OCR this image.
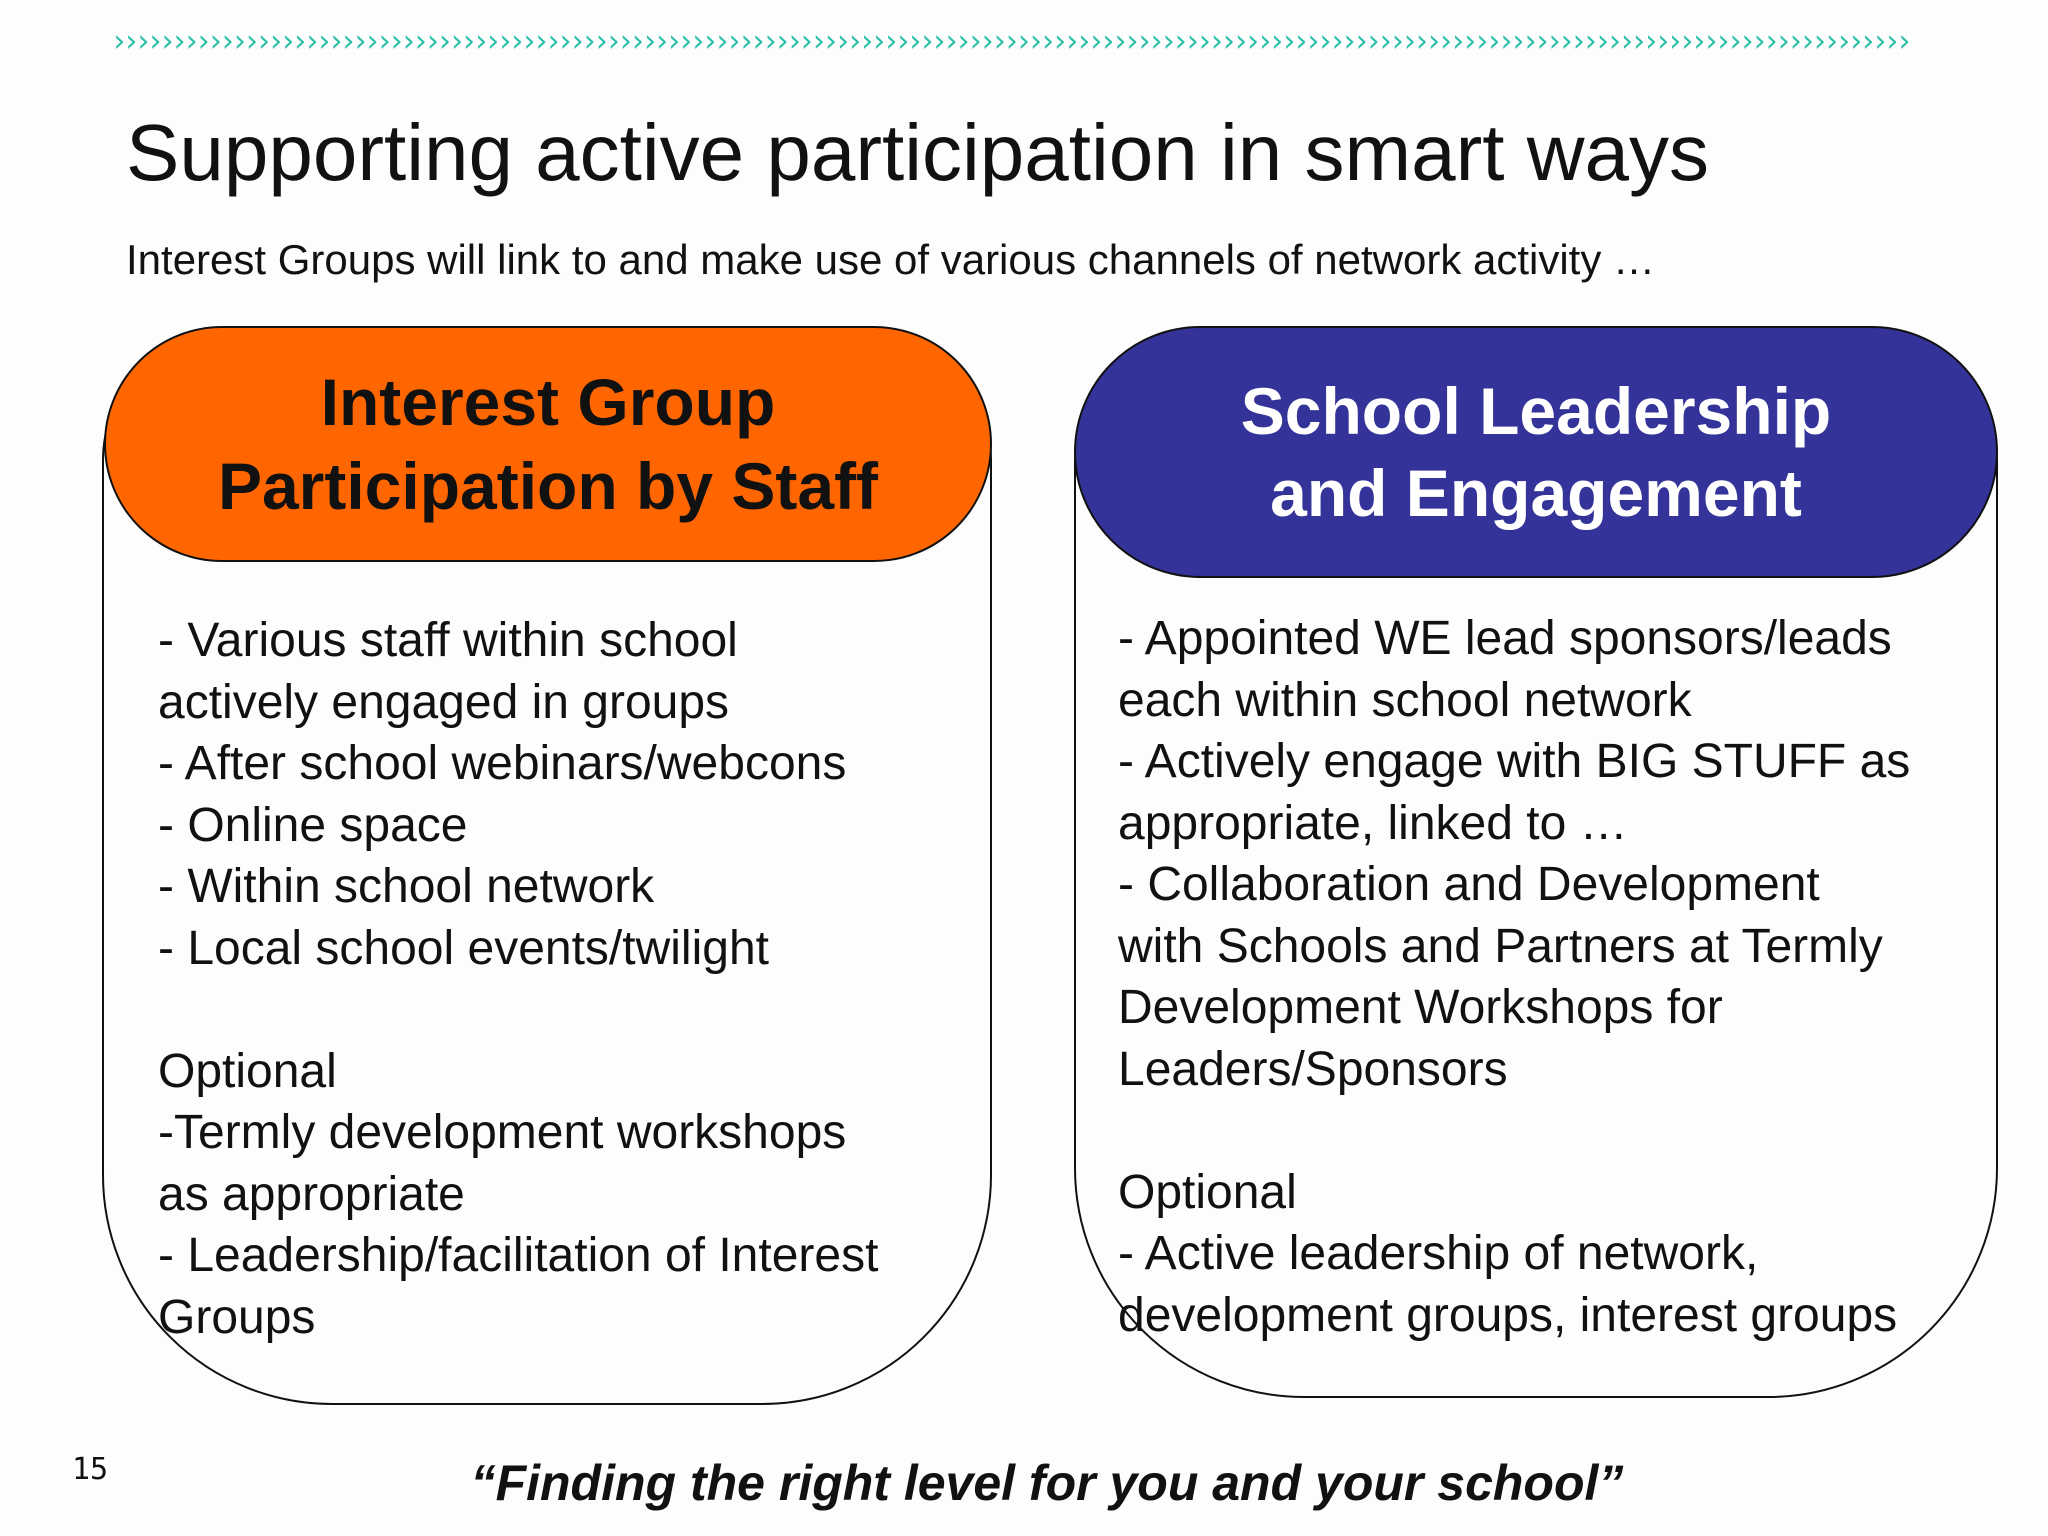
›››››››››››››››››››››››››››››››››››››››››››››››››››››››››››››››››››››››››››››››››››››››››››››››››››››››››››››››››››››››››››››››››››››››››››››››››››››
Supporting active participation in smart ways
Interest Groups will link to and make use of various channels of network activity …
Interest Group
Participation by Staff
- Various staff within school
actively engaged in groups
- After school webinars/webcons
- Online space
- Within school network
- Local school events/twilight
Optional
-Termly development workshops
as appropriate
- Leadership/facilitation of Interest
Groups
School Leadership
and Engagement
- Appointed WE lead sponsors/leads
each within school network
- Actively engage with BIG STUFF as
appropriate, linked to …
- Collaboration and Development
with Schools and Partners at Termly
Development Workshops for
Leaders/Sponsors
Optional
- Active leadership of network,
development groups, interest groups
15	“Finding the right level for you and your school”
